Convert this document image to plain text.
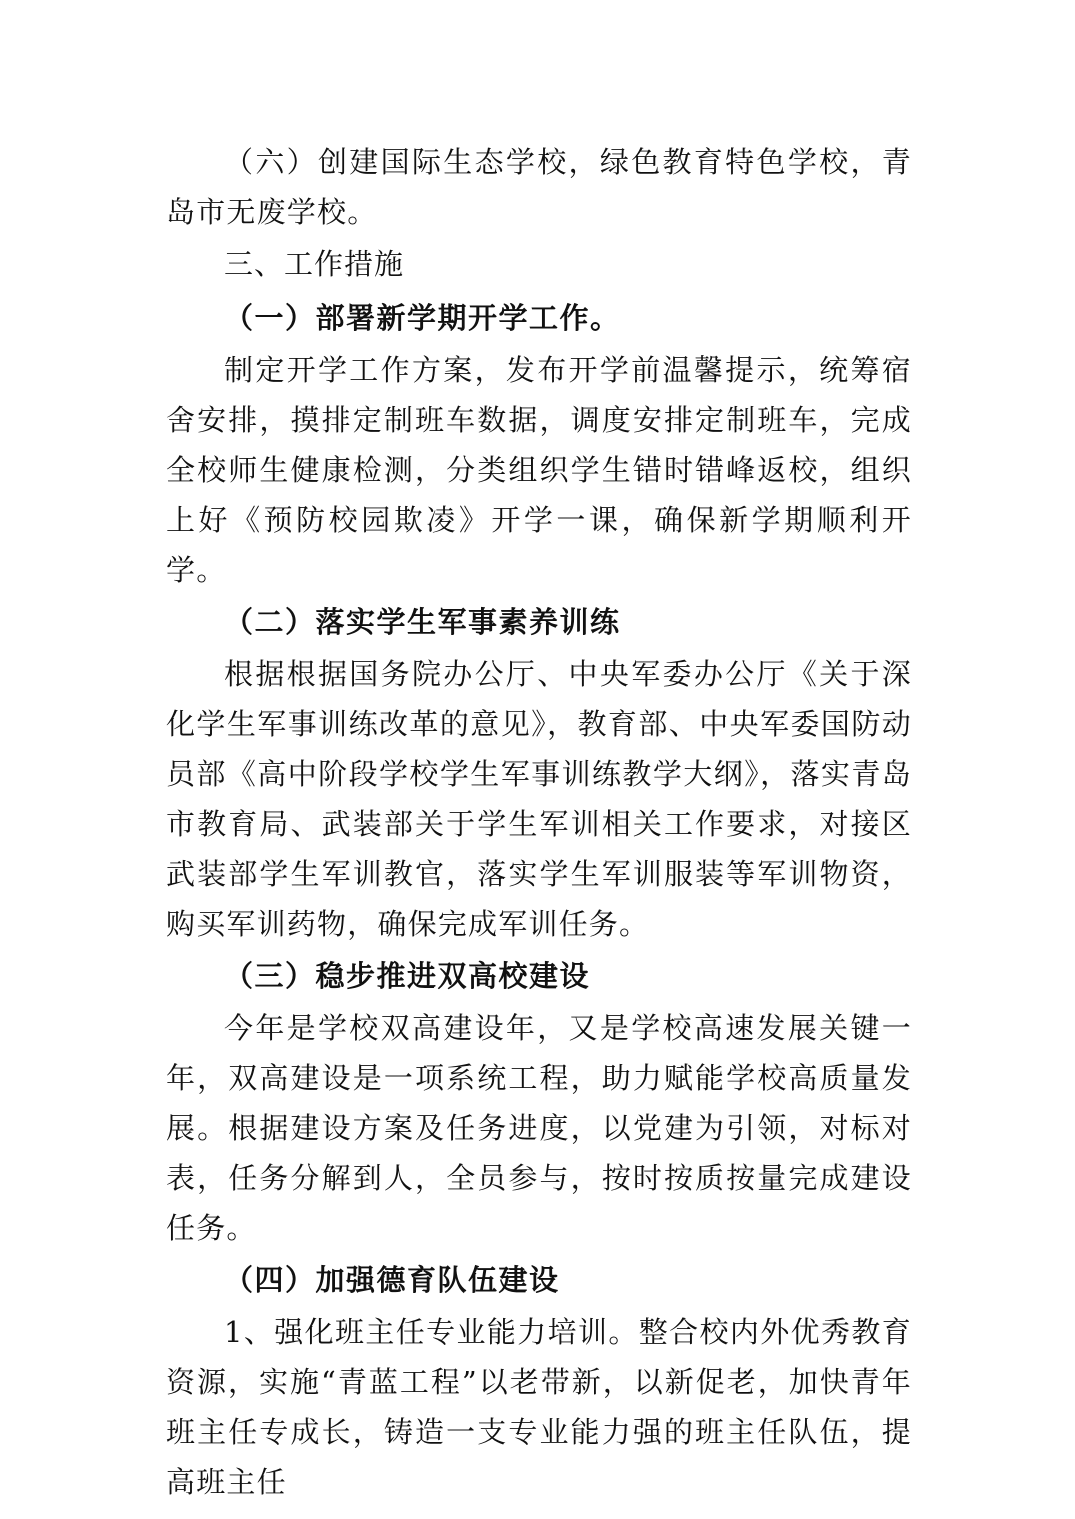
（六）创建国际生态学校，绿色教育特色学校，青岛市无废学校。

三、工作措施

（一）部署新学期开学工作。

制定开学工作方案，发布开学前温馨提示，统筹宿舍安排，摸排定制班车数据，调度安排定制班车，完成全校师生健康检测，分类组织学生错时错峰返校，组织上好《预防校园欺凌》开学一课，确保新学期顺利开学。

（二）落实学生军事素养训练

根据根据国务院办公厅、中央军委办公厅《关于深化学生军事训练改革的意见》，教育部、中央军委国防动员部《高中阶段学校学生军事训练教学大纲》，落实青岛市教育局、武装部关于学生军训相关工作要求，对接区武装部学生军训教官，落实学生军训服装等军训物资，购买军训药物，确保完成军训任务。

（三）稳步推进双高校建设

今年是学校双高建设年，又是学校高速发展关键一年，双高建设是一项系统工程，助力赋能学校高质量发展。根据建设方案及任务进度，以党建为引领，对标对表，任务分解到人，全员参与，按时按质按量完成建设任务。

（四）加强德育队伍建设

1、强化班主任专业能力培训。整合校内外优秀教育资源，实施“青蓝工程”以老带新，以新促老，加快青年班主任专成长，铸造一支专业能力强的班主任队伍，提高班主任
